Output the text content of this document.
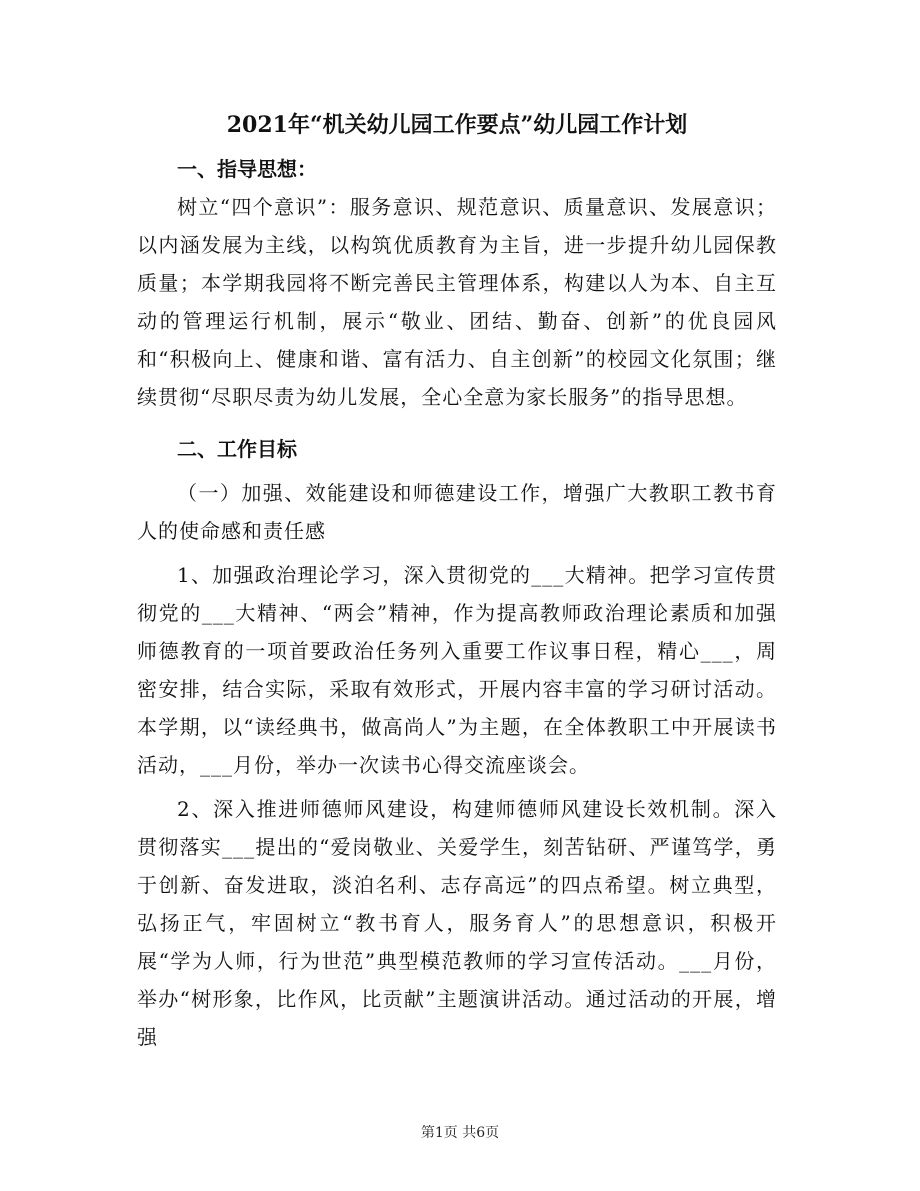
2021年“机关幼儿园工作要点”幼儿园工作计划

一、指导思想：

树立“四个意识”：服务意识、规范意识、质量意识、发展意识；以内涵发展为主线，以构筑优质教育为主旨，进一步提升幼儿园保教质量；本学期我园将不断完善民主管理体系，构建以人为本、自主互动的管理运行机制，展示“敬业、团结、勤奋、创新”的优良园风和“积极向上、健康和谐、富有活力、自主创新”的校园文化氛围；继续贯彻“尽职尽责为幼儿发展，全心全意为家长服务”的指导思想。

二、工作目标

（一）加强、效能建设和师德建设工作，增强广大教职工教书育人的使命感和责任感

1、加强政治理论学习，深入贯彻党的___大精神。把学习宣传贯彻党的___大精神、“两会”精神，作为提高教师政治理论素质和加强师德教育的一项首要政治任务列入重要工作议事日程，精心___，周密安排，结合实际，采取有效形式，开展内容丰富的学习研讨活动。本学期，以“读经典书，做高尚人”为主题，在全体教职工中开展读书活动，___月份，举办一次读书心得交流座谈会。

2、深入推进师德师风建设，构建师德师风建设长效机制。深入贯彻落实___提出的“爱岗敬业、关爱学生，刻苦钻研、严谨笃学，勇于创新、奋发进取，淡泊名利、志存高远”的四点希望。树立典型，弘扬正气，牢固树立“教书育人，服务育人”的思想意识，积极开展“学为人师，行为世范”典型模范教师的学习宣传活动。___月份，举办“树形象，比作风，比贡献”主题演讲活动。通过活动的开展，增强

第1页 共6页
